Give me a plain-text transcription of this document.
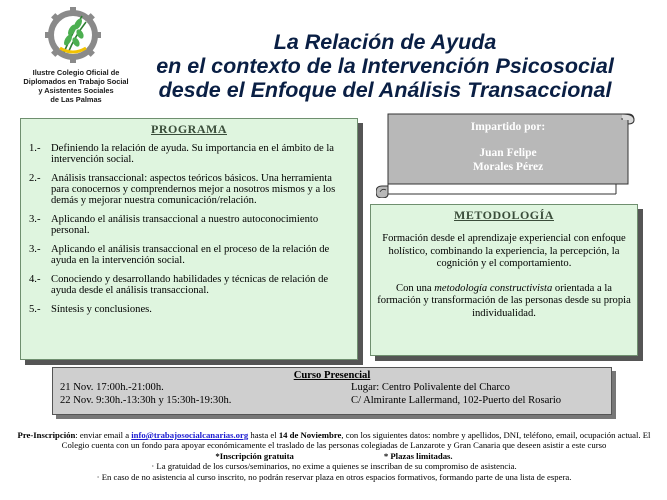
Ilustre Colegio Oficial de
Diplomados en Trabajo Social
y Asistentes Sociales
de Las Palmas
La Relación de Ayuda
en el contexto de la Intervención Psicosocial
desde el Enfoque del Análisis Transaccional
PROGRAMA
1.- Definiendo la relación de ayuda. Su importancia en el ámbito de la intervención social.
2.- Análisis transaccional: aspectos teóricos básicos. Una herramienta para conocernos y comprendernos mejor a nosotros mismos y a los demás y mejorar nuestra comunicación/relación.
3.- Aplicando el análisis transaccional a nuestro autoconocimiento personal.
3.- Aplicando el análisis transaccional en el proceso de la relación de ayuda en la intervención social.
4.- Conociendo y desarrollando habilidades y técnicas de relación de ayuda desde el análisis transaccional.
5.- Síntesis y conclusiones.
Impartido por:
Juan Felipe
Morales Pérez
METODOLOGÍA
Formación desde el aprendizaje experiencial con enfoque holístico, combinando la experiencia, la percepción, la cognición y el comportamiento.
Con una metodología constructivista orientada a la formación y transformación de las personas desde su propia individualidad.
Curso Presencial
21 Nov. 17:00h.-21:00h.	Lugar: Centro Polivalente del Charco
22 Nov. 9:30h.-13:30h y 15:30h-19:30h.	C/ Almirante Lallermand, 102-Puerto del Rosario
Pre-Inscripción: enviar email a info@trabajosocialcanarias.org hasta el 14 de Noviembre, con los siguientes datos: nombre y apellidos, DNI, teléfono, email, ocupación actual. El Colegio cuenta con un fondo para apoyar económicamente el traslado de las personas colegiadas de Lanzarote y Gran Canaria que deseen asistir a este curso
*Inscripción gratuita	* Plazas limitadas.
· La gratuidad de los cursos/seminarios, no exime a quienes se inscriban de su compromiso de asistencia.
· En caso de no asistencia al curso inscrito, no podrán reservar plaza en otros espacios formativos, formando parte de una lista de espera.
